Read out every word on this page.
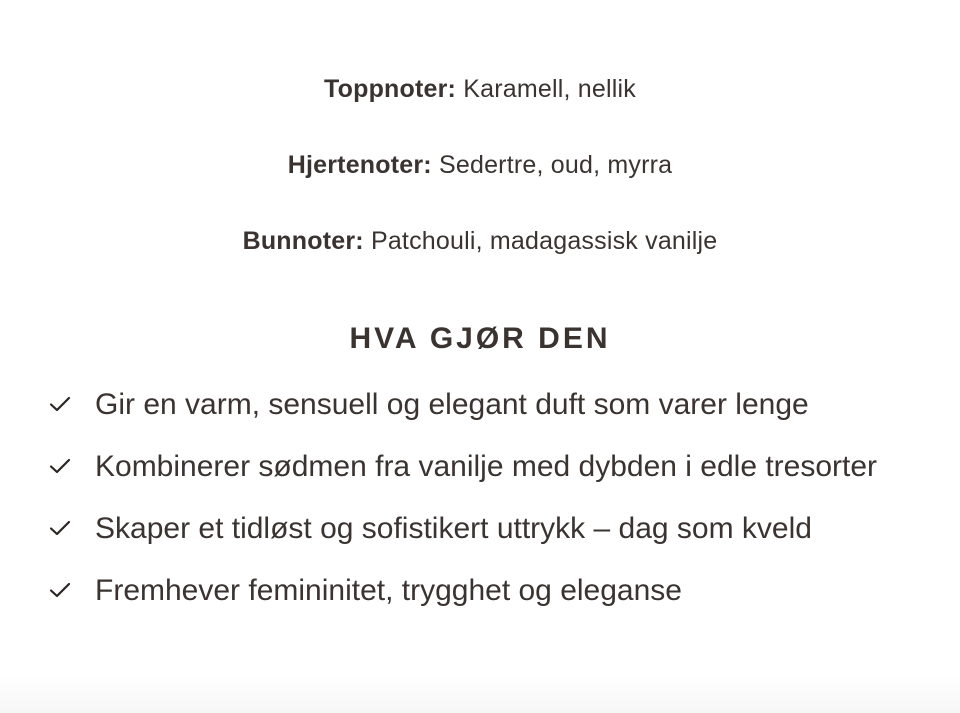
Toppnoter: Karamell, nellik
Hjertenoter: Sedertre, oud, myrra
Bunnoter: Patchouli, madagassisk vanilje
HVA GJØR DEN
Gir en varm, sensuell og elegant duft som varer lenge
Kombinerer sødmen fra vanilje med dybden i edle tresorter
Skaper et tidløst og sofistikert uttrykk – dag som kveld
Fremhever femininitet, trygghet og eleganse
